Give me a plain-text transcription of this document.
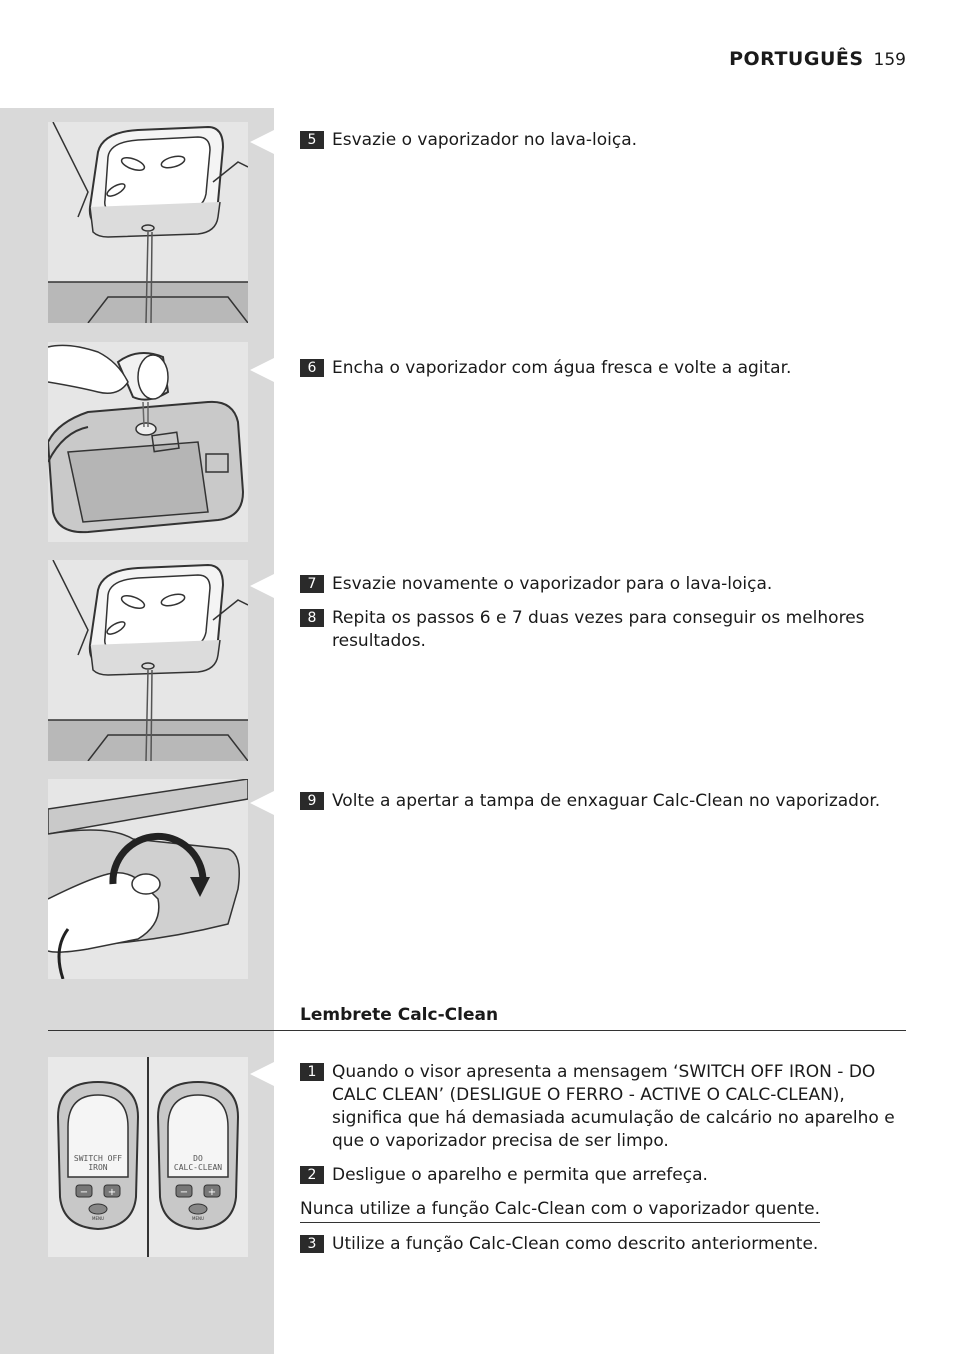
PORTUGUÊS 159
SWITCH OFF
IRON
− +
MENU
DO
CALC-CLEAN
− +
MENU
5 Esvazie o vaporizador no lava-loiça.
6 Encha o vaporizador com água fresca e volte a agitar.
7 Esvazie novamente o vaporizador para o lava-loiça.
8 Repita os passos 6 e 7 duas vezes para conseguir os melhores resultados.
9 Volte a apertar a tampa de enxaguar Calc-Clean no vaporizador.
Lembrete Calc-Clean
1 Quando o visor apresenta a mensagem ‘SWITCH OFF IRON - DO CALC CLEAN’ (DESLIGUE O FERRO - ACTIVE O CALC-CLEAN), significa que há demasiada acumulação de calcário no aparelho e que o vaporizador precisa de ser limpo.
2 Desligue o aparelho e permita que arrefeça.
Nunca utilize a função Calc-Clean com o vaporizador quente.
3 Utilize a função Calc-Clean como descrito anteriormente.
